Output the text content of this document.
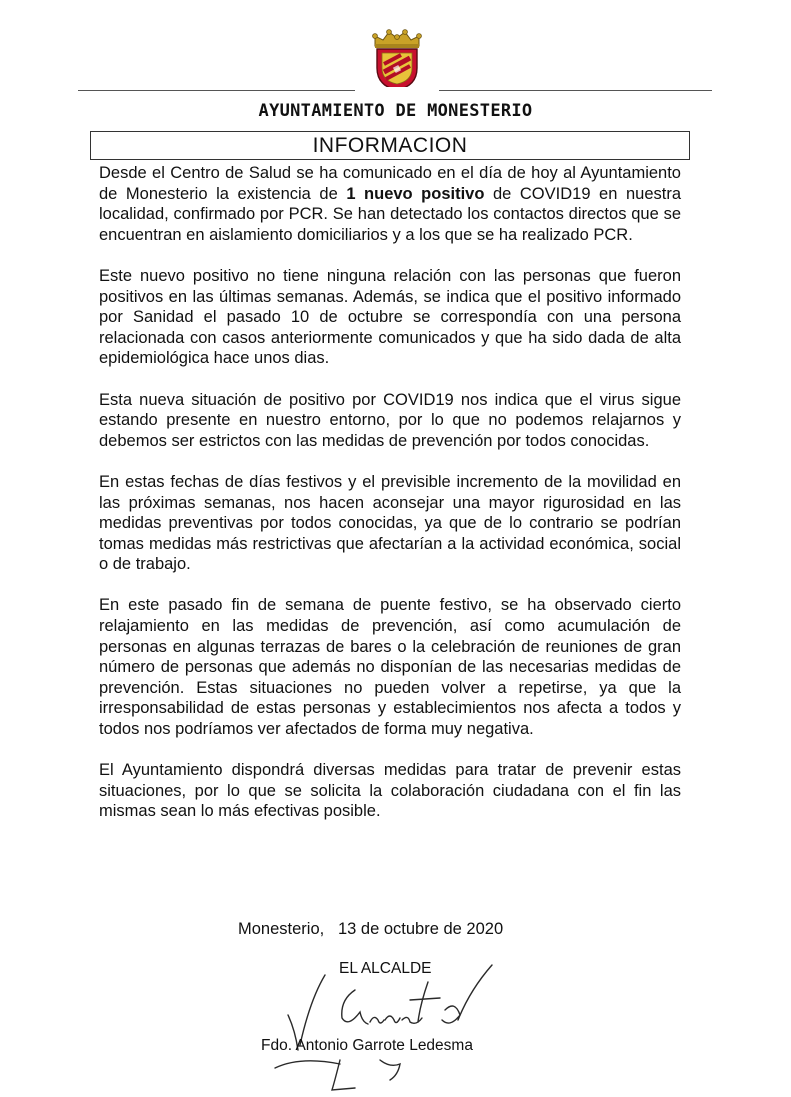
AYUNTAMIENTO DE MONESTERIO
INFORMACION

Desde el Centro de Salud se ha comunicado en el día de hoy al Ayuntamiento de Monesterio la existencia de 1 nuevo positivo de COVID19 en nuestra localidad, confirmado por PCR. Se han detectado los contactos directos que se encuentran en aislamiento domiciliarios y a los que se ha realizado PCR.

Este nuevo positivo no tiene ninguna relación con las personas que fueron positivos en las últimas semanas. Además, se indica que el positivo informado por Sanidad el pasado 10 de octubre se correspondía con una persona relacionada con casos anteriormente comunicados y que ha sido dada de alta epidemiológica hace unos dias.

Esta nueva situación de positivo por COVID19 nos indica que el virus sigue estando presente en nuestro entorno, por lo que no podemos relajarnos y debemos ser estrictos con las medidas de prevención por todos conocidas.

En estas fechas de días festivos y el previsible incremento de la movilidad en las próximas semanas, nos hacen aconsejar una mayor rigurosidad en las medidas preventivas por todos conocidas, ya que de lo contrario se podrían tomas medidas más restrictivas que afectarían a la actividad económica, social o de trabajo.

En este pasado fin de semana de puente festivo, se ha observado cierto relajamiento en las medidas de prevención, así como acumulación de personas en algunas terrazas de bares o la celebración de reuniones de gran número de personas que además no disponían de las necesarias medidas de prevención. Estas situaciones no pueden volver a repetirse, ya que la irresponsabilidad de estas personas y establecimientos nos afecta a todos y todos nos podríamos ver afectados de forma muy negativa.

El Ayuntamiento dispondrá diversas medidas para tratar de prevenir estas situaciones, por lo que se solicita la colaboración ciudadana con el fin las mismas sean lo más efectivas posible.

Monesterio, 13 de octubre de 2020
EL ALCALDE
Fdo. Antonio Garrote Ledesma
